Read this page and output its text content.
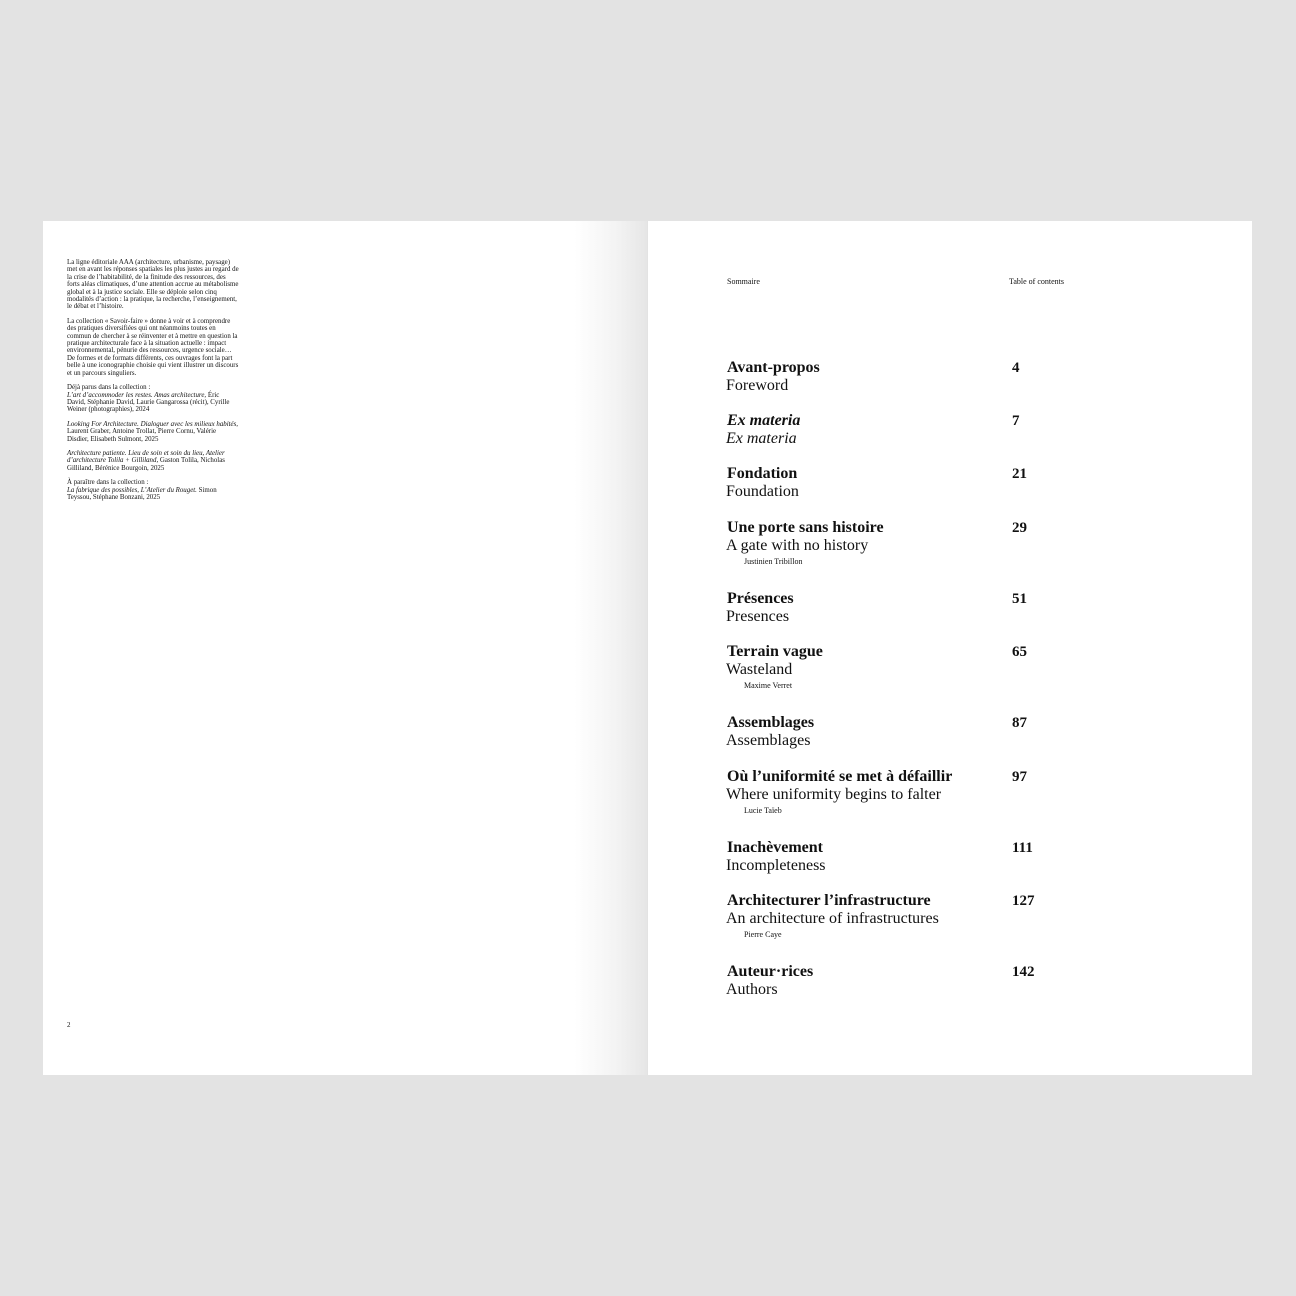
La ligne éditoriale AAA (architecture, urbanisme, paysage) met en avant les réponses spatiales les plus justes au regard de la crise de l’habitabilité, de la finitude des ressources, des forts aléas climatiques, d’une attention accrue au métabolisme global et à la justice sociale. Elle se déploie selon cinq modalités d’action : la pratique, la recherche, l’enseignement, le débat et l’histoire.

La collection « Savoir-faire » donne à voir et à comprendre des pratiques diversifiées qui ont néanmoins toutes en commun de chercher à se réinventer et à mettre en question la pratique architecturale face à la situation actuelle : impact environnemental, pénurie des ressources, urgence sociale… De formes et de formats différents, ces ouvrages font la part belle à une iconographie choisie qui vient illustrer un discours et un parcours singuliers.

Déjà parus dans la collection :
L’art d’accommoder les restes. Amas architecture, Éric David, Stéphanie David, Laurie Gangarossa (récit), Cyrille Weiner (photographies), 2024

Looking For Architecture. Dialoguer avec les milieux habités, Laurent Graber, Antoine Trollat, Pierre Cornu, Valérie Disdier, Elisabeth Sulmont, 2025

Architecture patiente. Lieu de soin et soin du lieu, Atelier d’architecture Tolila + Gilliland, Gaston Tolila, Nicholas Gilliland, Bérénice Bourgoin, 2025

À paraître dans la collection :
La fabrique des possibles, L’Atelier du Rouget. Simon Teyssou, Stéphane Bonzani, 2025

2
Sommaire	Table of contents
Avant-propos
Foreword
4
Ex materia
Ex materia
7
Fondation
Foundation
21
Une porte sans histoire
A gate with no history
29
Justinien Tribillon
Présences
Presences
51
Terrain vague
Wasteland
65
Maxime Verret
Assemblages
Assemblages
87
Où l’uniformité se met à défaillir
Where uniformity begins to falter
97
Lucie Taïeb
Inachèvement
Incompleteness
111
Architecturer l’infrastructure
An architecture of infrastructures
127
Pierre Caye
Auteur·rices
Authors
142
